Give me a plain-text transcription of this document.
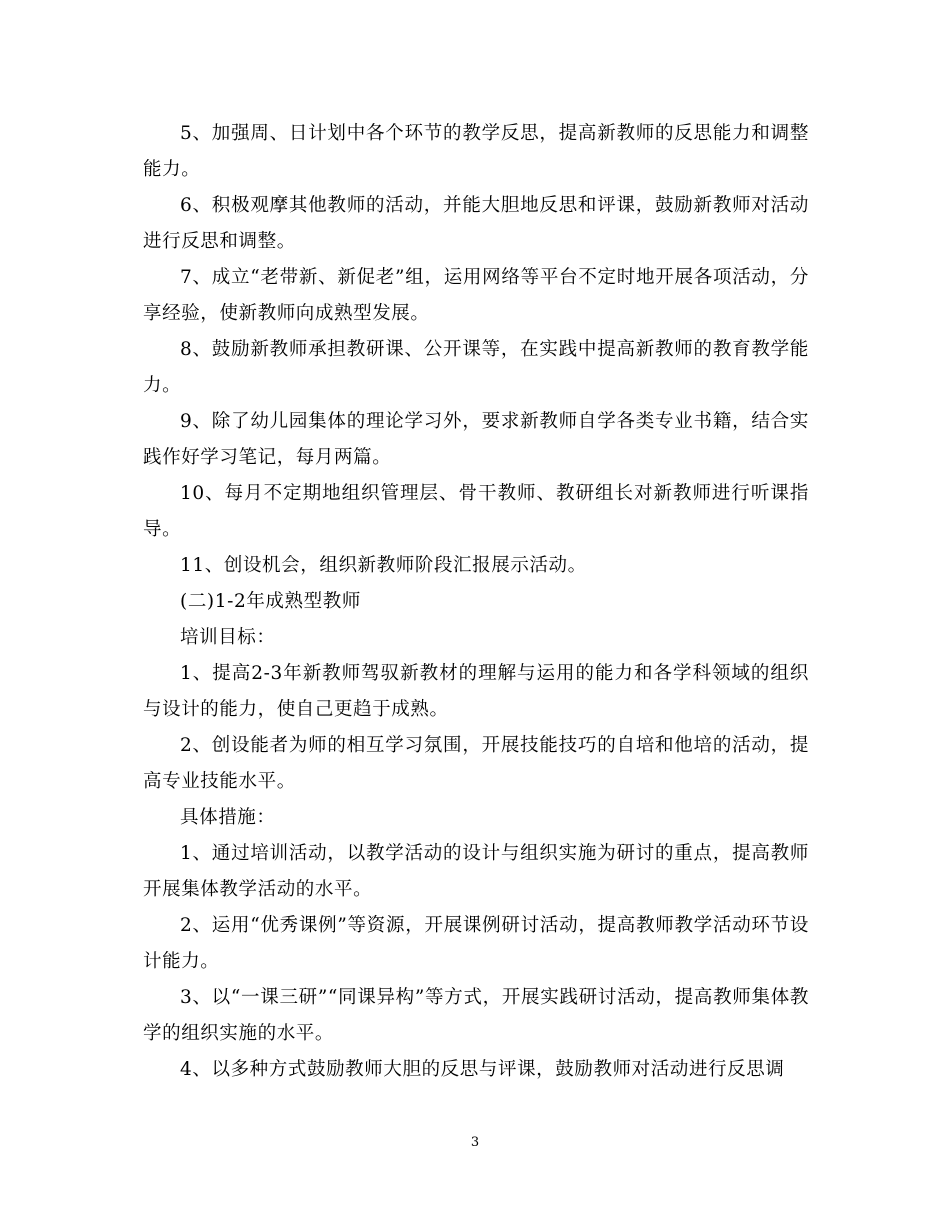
5、加强周、日计划中各个环节的教学反思，提高新教师的反思能力和调整能力。

6、积极观摩其他教师的活动，并能大胆地反思和评课，鼓励新教师对活动进行反思和调整。

7、成立“老带新、新促老”组，运用网络等平台不定时地开展各项活动，分享经验，使新教师向成熟型发展。

8、鼓励新教师承担教研课、公开课等，在实践中提高新教师的教育教学能力。

9、除了幼儿园集体的理论学习外，要求新教师自学各类专业书籍，结合实践作好学习笔记，每月两篇。

10、每月不定期地组织管理层、骨干教师、教研组长对新教师进行听课指导。

11、创设机会，组织新教师阶段汇报展示活动。

(二)1-2年成熟型教师

培训目标：

1、提高2-3年新教师驾驭新教材的理解与运用的能力和各学科领域的组织与设计的能力，使自己更趋于成熟。

2、创设能者为师的相互学习氛围，开展技能技巧的自培和他培的活动，提高专业技能水平。

具体措施：

1、通过培训活动，以教学活动的设计与组织实施为研讨的重点，提高教师开展集体教学活动的水平。

2、运用“优秀课例”等资源，开展课例研讨活动，提高教师教学活动环节设计能力。

3、以“一课三研”“同课异构”等方式，开展实践研讨活动，提高教师集体教学的组织实施的水平。

4、以多种方式鼓励教师大胆的反思与评课，鼓励教师对活动进行反思调

3
